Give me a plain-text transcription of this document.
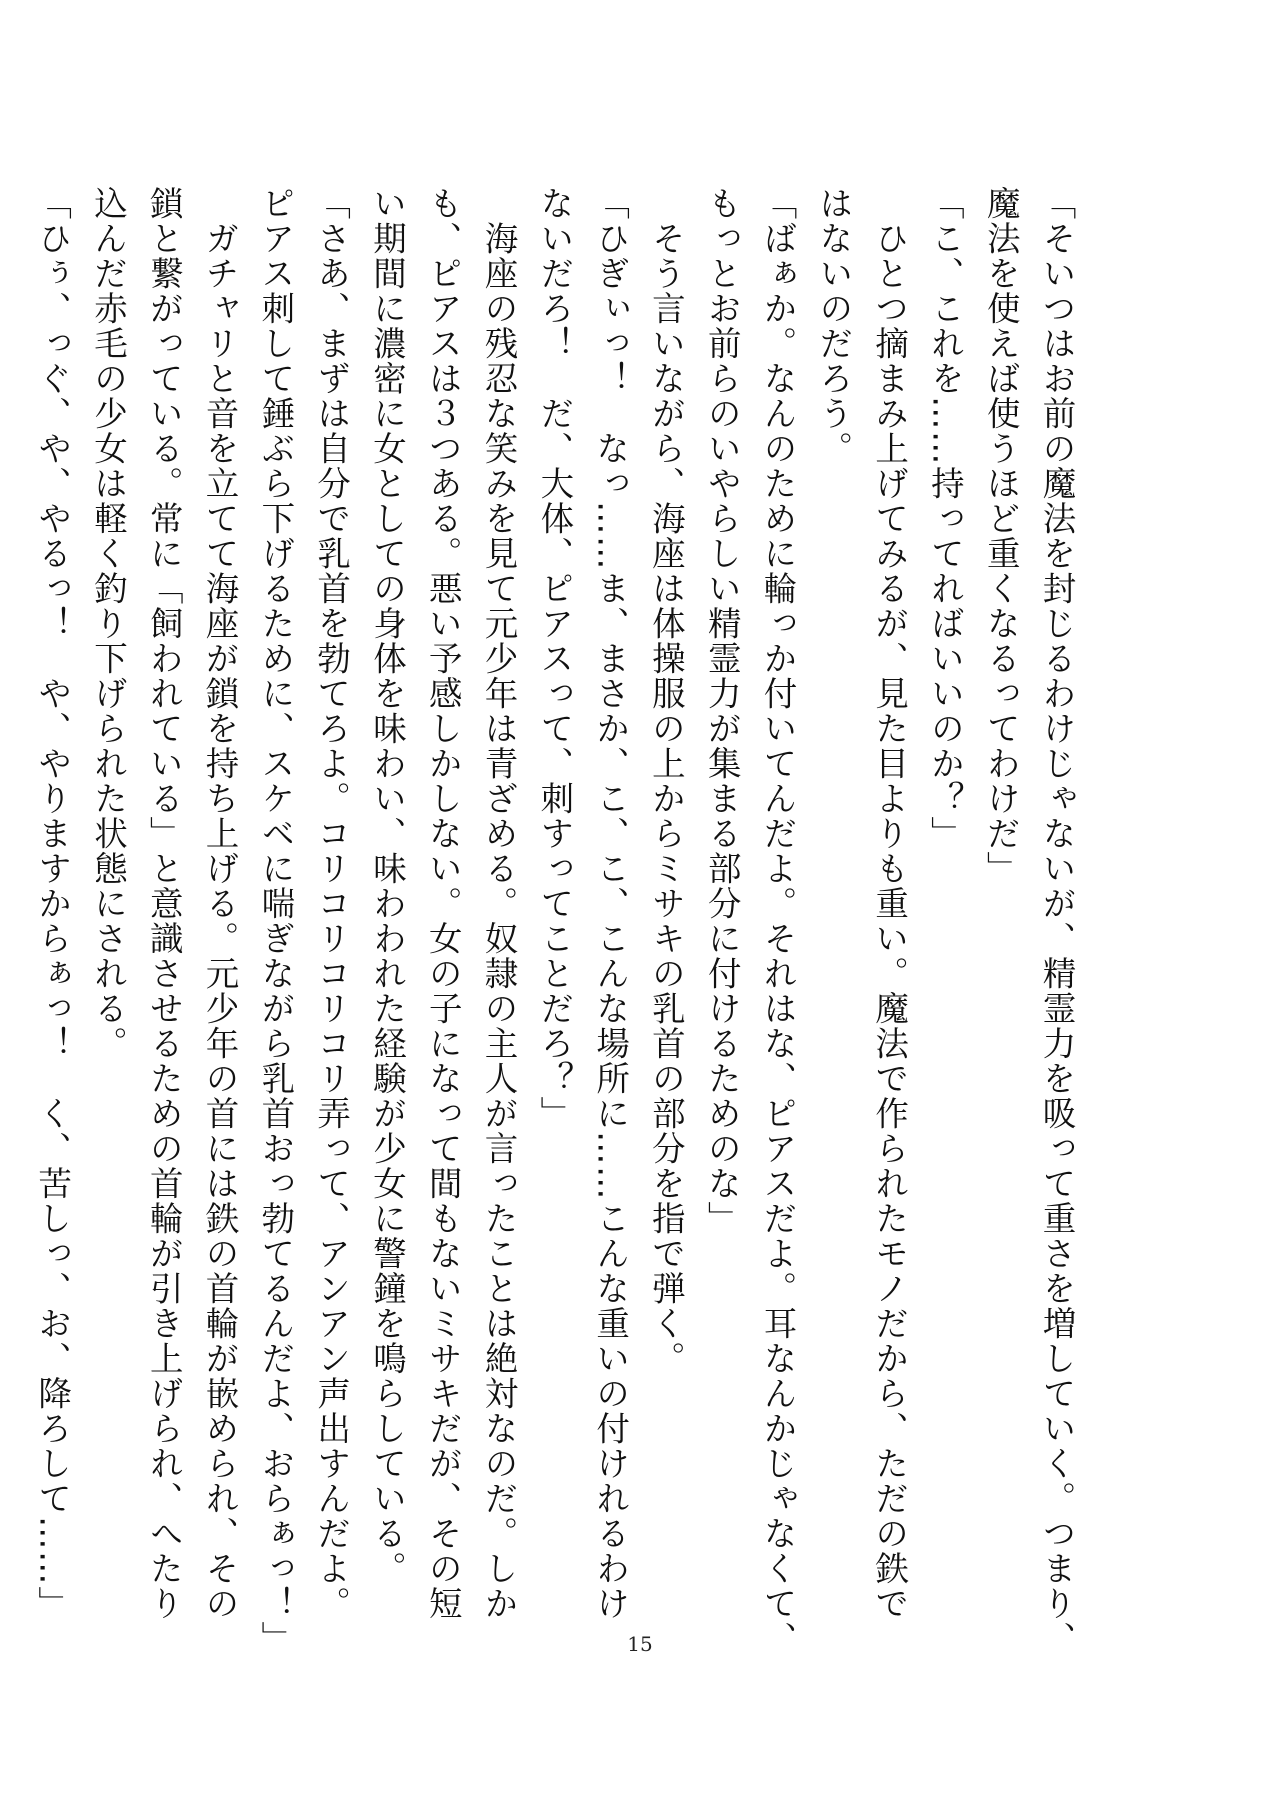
「そいつはお前の魔法を封じるわけじゃないが、精霊力を吸って重さを増していく。つまり、
魔法を使えば使うほど重くなるってわけだ」
「こ、これを……持ってればいいのか？」
　ひとつ摘まみ上げてみるが、見た目よりも重い。魔法で作られたモノだから、ただの鉄で
はないのだろう。
「ばぁか。なんのために輪っか付いてんだよ。それはな、ピアスだよ。耳なんかじゃなくて、
もっとお前らのいやらしい精霊力が集まる部分に付けるためのな」
　そう言いながら、海座は体操服の上からミサキの乳首の部分を指で弾く。
「ひぎぃっ！　なっ……ま、まさか、こ、こ、こんな場所に……こんな重いの付けれるわけ
ないだろ！　だ、大体、ピアスって、刺すってことだろ？」
　海座の残忍な笑みを見て元少年は青ざめる。奴隷の主人が言ったことは絶対なのだ。しか
も、ピアスは３つある。悪い予感しかしない。女の子になって間もないミサキだが、その短
い期間に濃密に女としての身体を味わい、味わわれた経験が少女に警鐘を鳴らしている。
「さあ、まずは自分で乳首を勃てろよ。コリコリコリコリ弄って、アンアン声出すんだよ。
ピアス刺して錘ぶら下げるために、スケベに喘ぎながら乳首おっ勃てるんだよ、おらぁっ！」
　ガチャリと音を立てて海座が鎖を持ち上げる。元少年の首には鉄の首輪が嵌められ、その
鎖と繋がっている。常に「飼われている」と意識させるための首輪が引き上げられ、へたり
込んだ赤毛の少女は軽く釣り下げられた状態にされる。
「ひぅ、っぐ、や、やるっ！　や、やりますからぁっ！　く、苦しっ、お、降ろして……」
15
